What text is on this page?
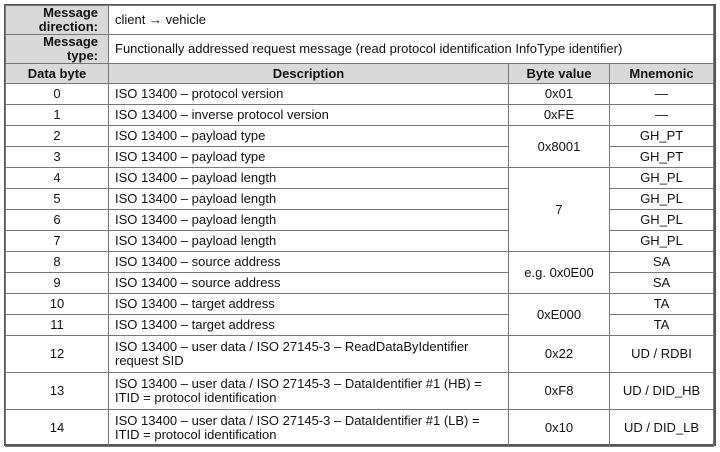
Message direction:	client → vehicle		
Message type:	Functionally addressed request message (read protocol identification InfoType identifier)		
Data byte	Description	Byte value	Mnemonic
0	ISO 13400 – protocol version	0x01	—
1	ISO 13400 – inverse protocol version	0xFE	—
2	ISO 13400 – payload type	0x8001	GH_PT
3	ISO 13400 – payload type		GH_PT
4	ISO 13400 – payload length	7	GH_PL
5	ISO 13400 – payload length		GH_PL
6	ISO 13400 – payload length		GH_PL
7	ISO 13400 – payload length		GH_PL
8	ISO 13400 – source address	e.g. 0x0E00	SA
9	ISO 13400 – source address		SA
10	ISO 13400 – target address	0xE000	TA
11	ISO 13400 – target address		TA
12	ISO 13400 – user data / ISO 27145-3 – ReadDataByIdentifier request SID	0x22	UD / RDBI
13	ISO 13400 – user data / ISO 27145-3 – DataIdentifier #1 (HB) = ITID = protocol identification	0xF8	UD / DID_HB
14	ISO 13400 – user data / ISO 27145-3 – DataIdentifier #1 (LB) = ITID = protocol identification	0x10	UD / DID_LB
